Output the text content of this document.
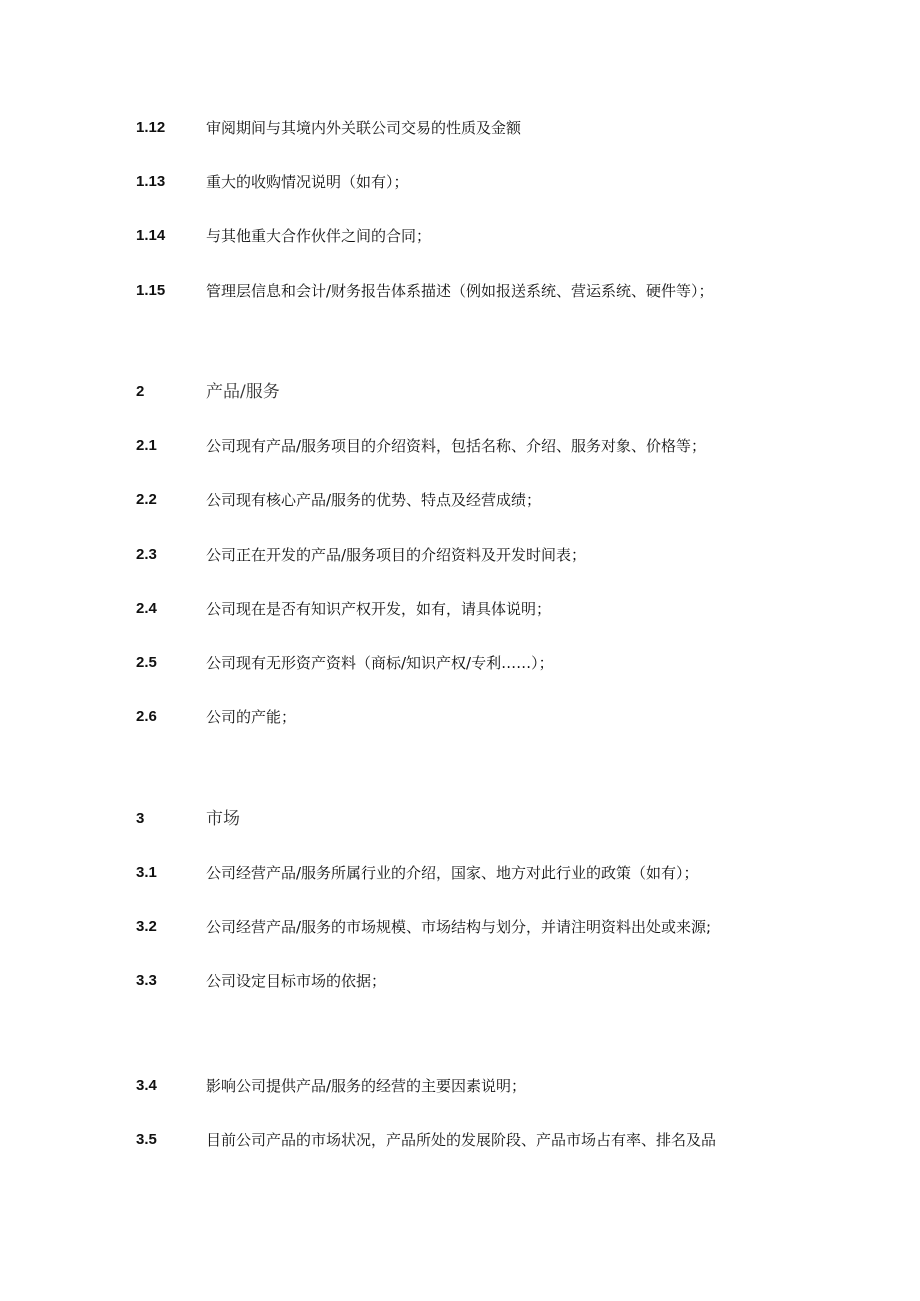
1.12	审阅期间与其境内外关联公司交易的性质及金额
1.13	重大的收购情况说明（如有）；
1.14	与其他重大合作伙伴之间的合同；
1.15	管理层信息和会计/财务报告体系描述（例如报送系统、营运系统、硬件等）；
2	产品/服务
2.1	公司现有产品/服务项目的介绍资料，包括名称、介绍、服务对象、价格等；
2.2	公司现有核心产品/服务的优势、特点及经营成绩；
2.3	公司正在开发的产品/服务项目的介绍资料及开发时间表；
2.4	公司现在是否有知识产权开发，如有，请具体说明；
2.5	公司现有无形资产资料（商标/知识产权/专利……）；
2.6	公司的产能；
3	市场
3.1	公司经营产品/服务所属行业的介绍，国家、地方对此行业的政策（如有）；
3.2	公司经营产品/服务的市场规模、市场结构与划分，并请注明资料出处或来源;
3.3	公司设定目标市场的依据；
3.4	影响公司提供产品/服务的经营的主要因素说明；
3.5	目前公司产品的市场状况，产品所处的发展阶段、产品市场占有率、排名及品
